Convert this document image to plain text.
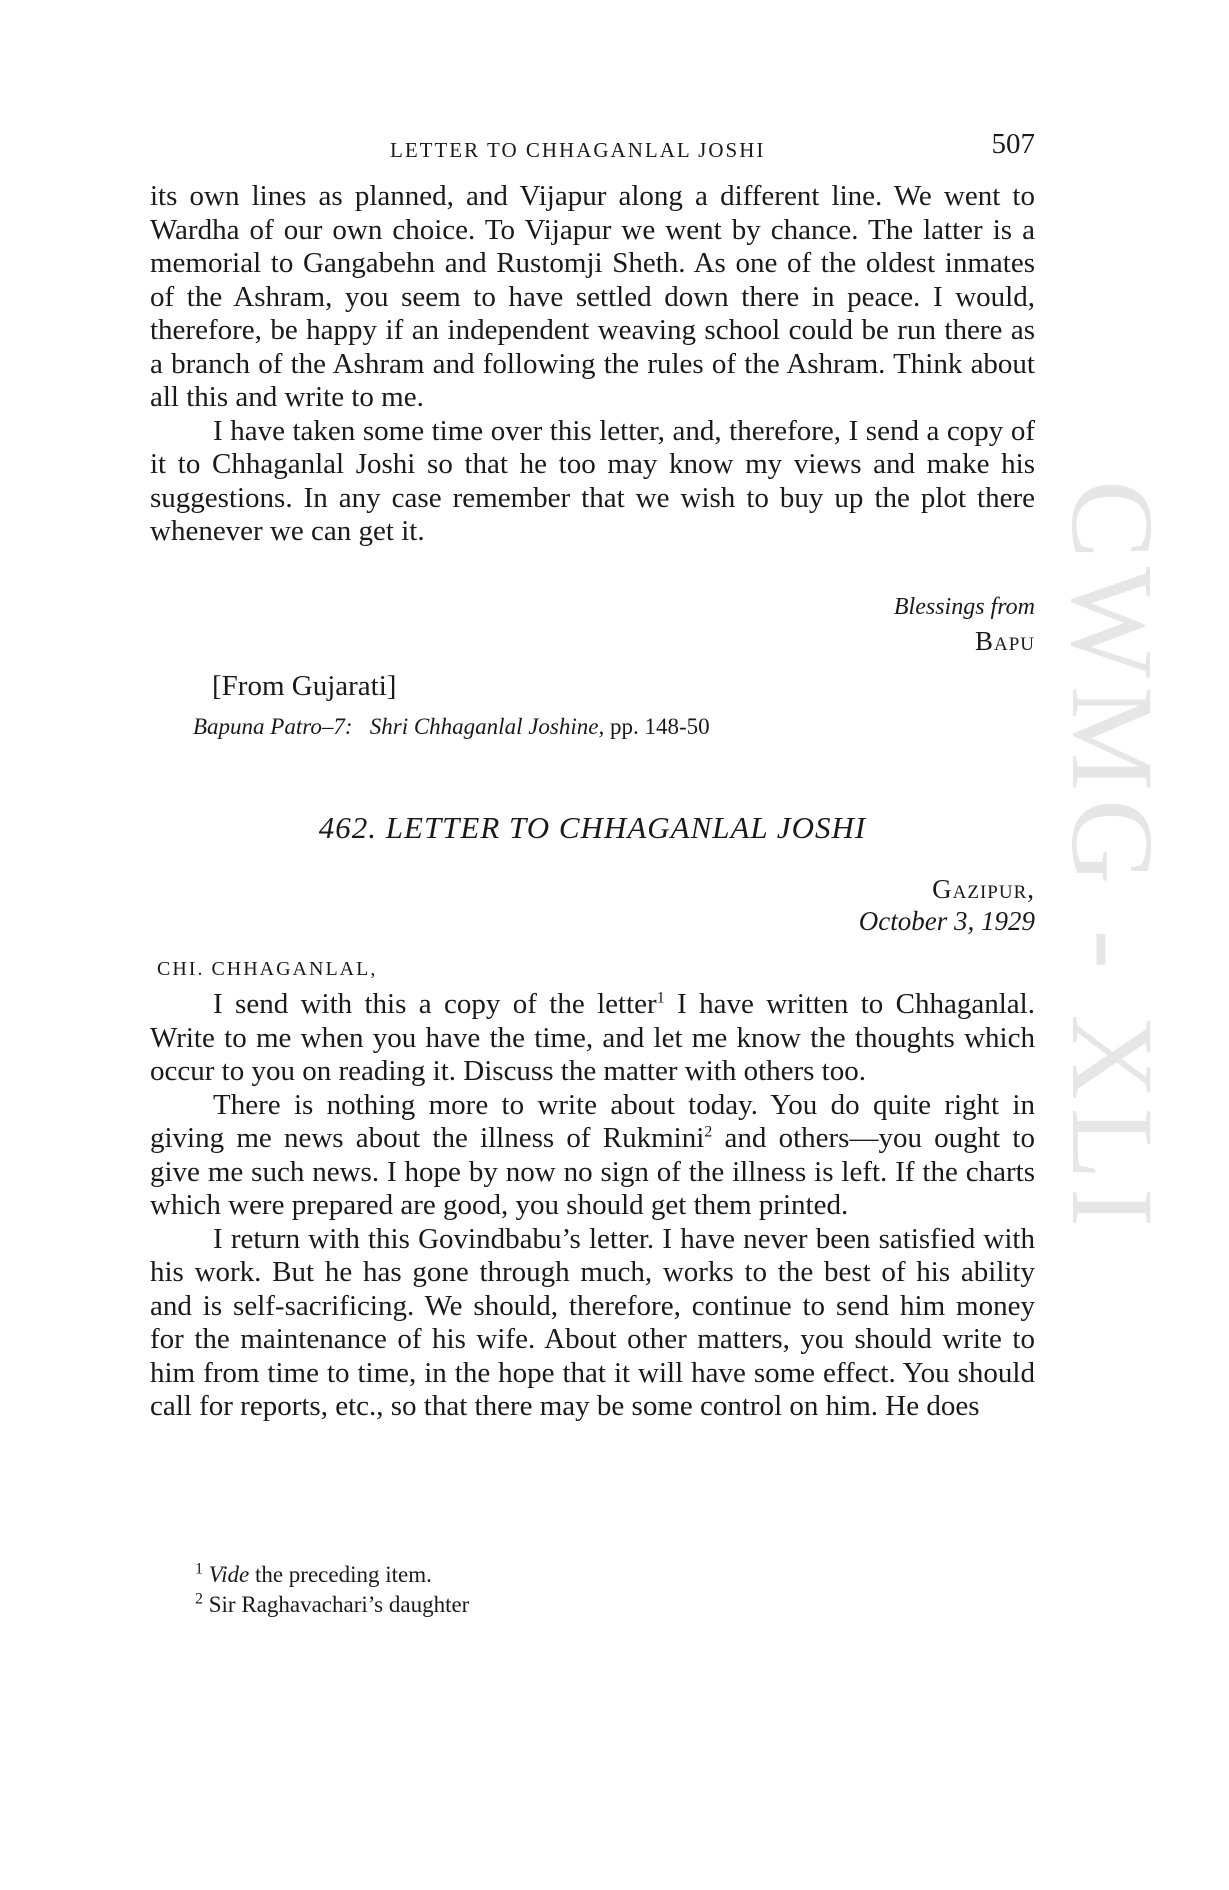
CWMG - XLI
LETTER TO CHHAGANLAL JOSHI	507

its own lines as planned, and Vijapur along a different line. We went to Wardha of our own choice. To Vijapur we went by chance. The latter is a memorial to Gangabehn and Rustomji Sheth. As one of the oldest inmates of the Ashram, you seem to have settled down there in peace. I would, therefore, be happy if an independent weaving school could be run there as a branch of the Ashram and following the rules of the Ashram. Think about all this and write to me.

I have taken some time over this letter, and, therefore, I send a copy of it to Chhaganlal Joshi so that he too may know my views and make his suggestions. In any case remember that we wish to buy up the plot there whenever we can get it.

Blessings from
Bapu
[From Gujarati]
Bapuna Patro–7: Shri Chhaganlal Joshine, pp. 148-50
462. LETTER TO CHHAGANLAL JOSHI
Gazipur,
October 3, 1929
CHI. CHHAGANLAL,

I send with this a copy of the letter$^1$ I have written to Chhaganlal. Write to me when you have the time, and let me know the thoughts which occur to you on reading it. Discuss the matter with others too.

There is nothing more to write about today. You do quite right in giving me news about the illness of Rukmini$^2$ and others—you ought to give me such news. I hope by now no sign of the illness is left. If the charts which were prepared are good, you should get them printed.

I return with this Govindbabu’s letter. I have never been satisfied with his work. But he has gone through much, works to the best of his ability and is self-sacrificing. We should, therefore, continue to send him money for the maintenance of his wife. About other matters, you should write to him from time to time, in the hope that it will have some effect. You should call for reports, etc., so that there may be some control on him. He does

$^1$ Vide the preceding item.
$^2$ Sir Raghavachari’s daughter
